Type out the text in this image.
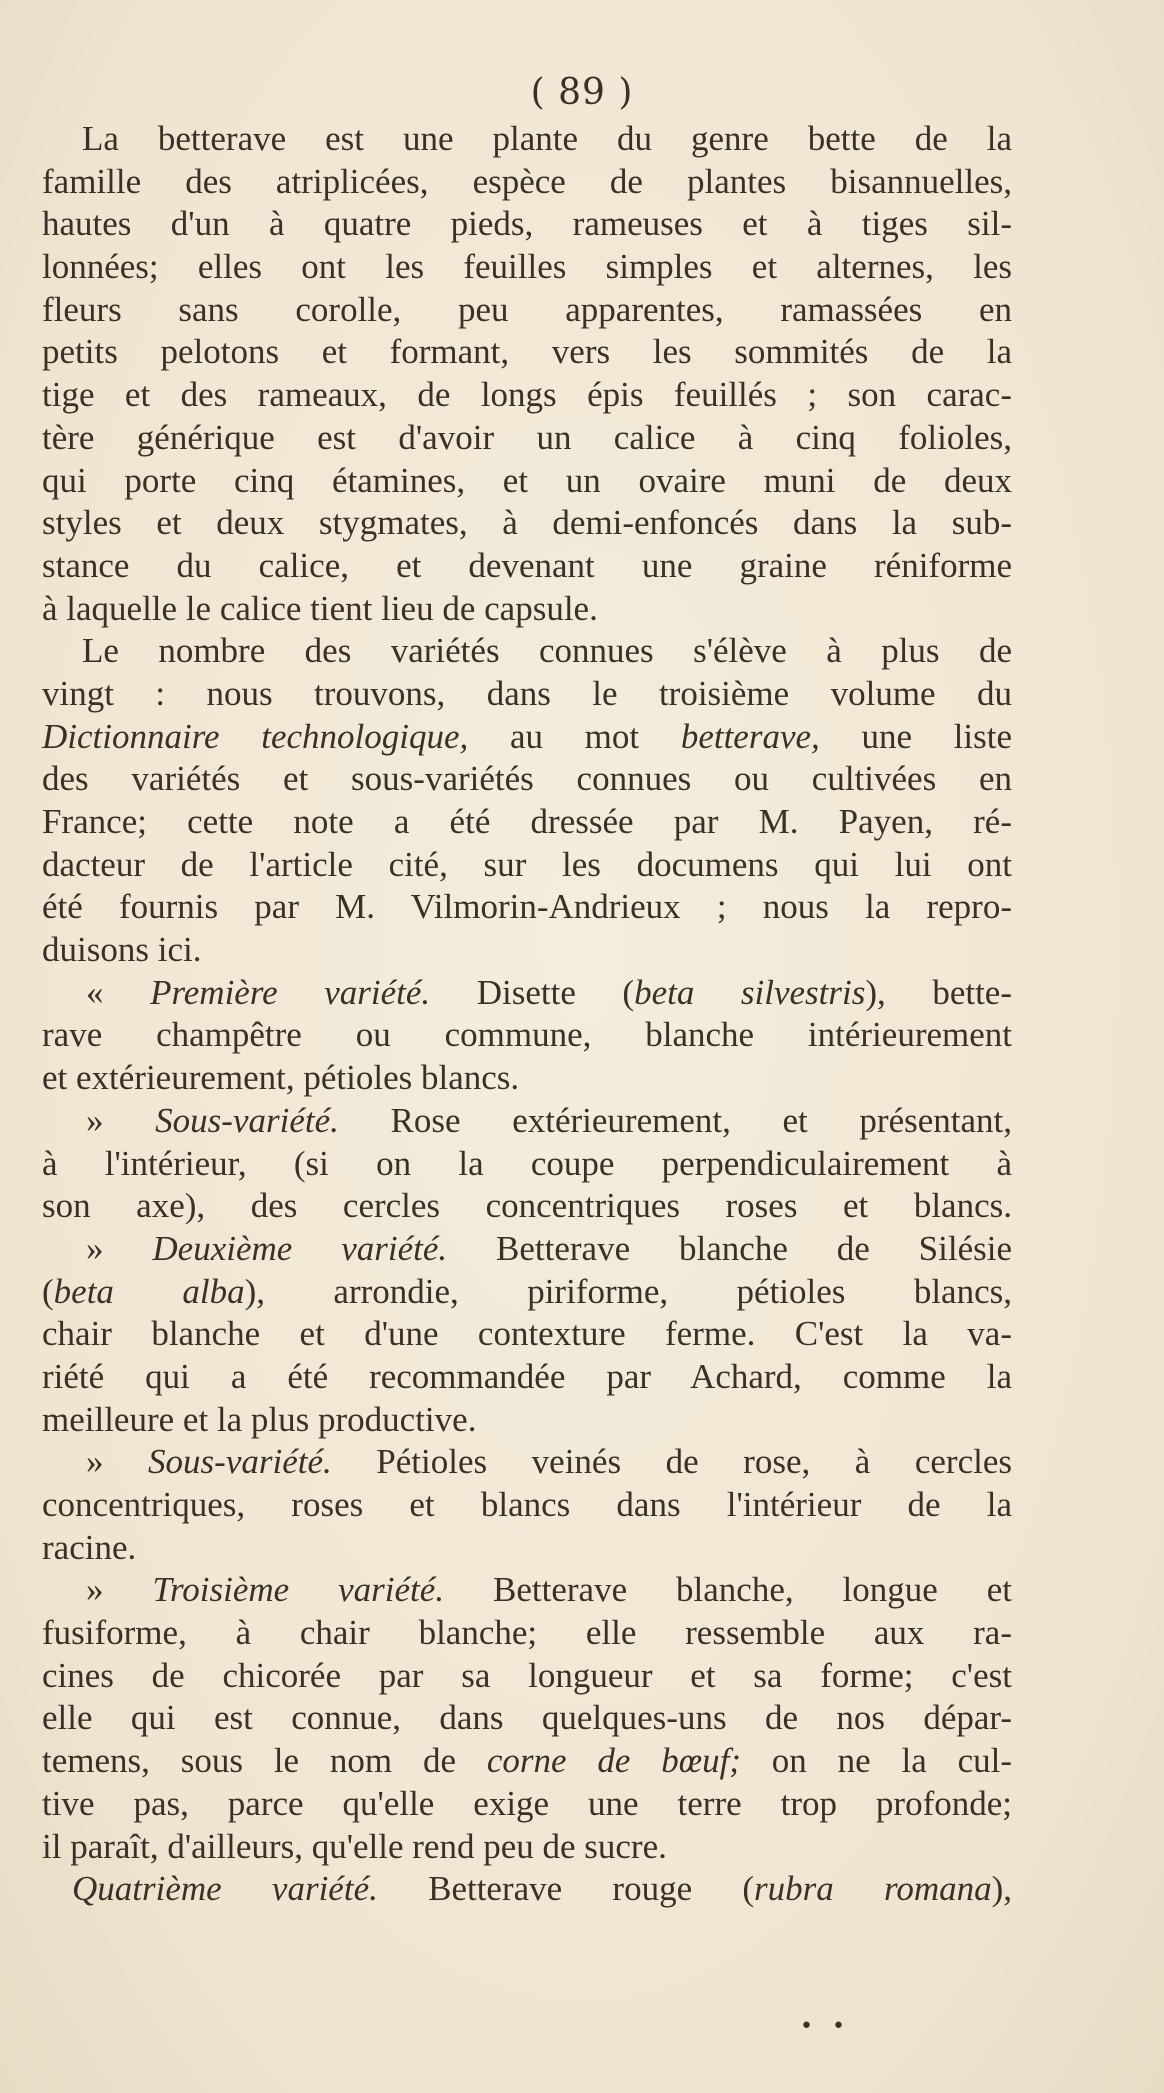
( 89 )
La betterave est une plante du genre bette de la
famille des atriplicées, espèce de plantes bisannuelles,
hautes d'un à quatre pieds, rameuses et à tiges sil-
lonnées; elles ont les feuilles simples et alternes, les
fleurs sans corolle, peu apparentes, ramassées en
petits pelotons et formant, vers les sommités de la
tige et des rameaux, de longs épis feuillés ; son carac-
tère générique est d'avoir un calice à cinq folioles,
qui porte cinq étamines, et un ovaire muni de deux
styles et deux stygmates, à demi-enfoncés dans la sub-
stance du calice, et devenant une graine réniforme
à laquelle le calice tient lieu de capsule.
Le nombre des variétés connues s'élève à plus de
vingt : nous trouvons, dans le troisième volume du
Dictionnaire technologique, au mot betterave, une liste
des variétés et sous-variétés connues ou cultivées en
France; cette note a été dressée par M. Payen, ré-
dacteur de l'article cité, sur les documens qui lui ont
été fournis par M. Vilmorin-Andrieux ; nous la repro-
duisons ici.
« Première variété. Disette (beta silvestris), bette-
rave champêtre ou commune, blanche intérieurement
et extérieurement, pétioles blancs.
» Sous-variété. Rose extérieurement, et présentant,
à l'intérieur, (si on la coupe perpendiculairement à
son axe), des cercles concentriques roses et blancs.
» Deuxième variété. Betterave blanche de Silésie
(beta alba), arrondie, piriforme, pétioles blancs,
chair blanche et d'une contexture ferme. C'est la va-
riété qui a été recommandée par Achard, comme la
meilleure et la plus productive.
» Sous-variété. Pétioles veinés de rose, à cercles
concentriques, roses et blancs dans l'intérieur de la
racine.
» Troisième variété. Betterave blanche, longue et
fusiforme, à chair blanche; elle ressemble aux ra-
cines de chicorée par sa longueur et sa forme; c'est
elle qui est connue, dans quelques-uns de nos dépar-
temens, sous le nom de corne de bœuf; on ne la cul-
tive pas, parce qu'elle exige une terre trop profonde;
il paraît, d'ailleurs, qu'elle rend peu de sucre.
Quatrième variété. Betterave rouge (rubra romana),
• •
